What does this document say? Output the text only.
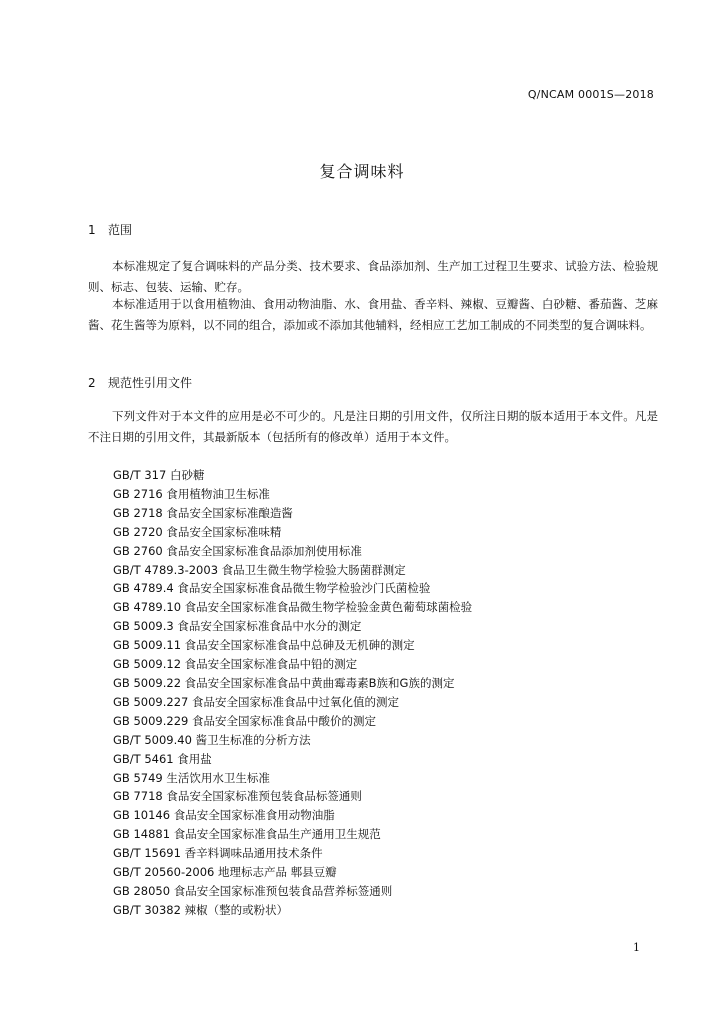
Q/NCAM 0001S—2018
复合调味料
1 范围
本标准规定了复合调味料的产品分类、技术要求、食品添加剂、生产加工过程卫生要求、试验方法、检验规则、标志、包装、运输、贮存。
本标准适用于以食用植物油、食用动物油脂、水、食用盐、香辛料、辣椒、豆瓣酱、白砂糖、番茄酱、芝麻酱、花生酱等为原料，以不同的组合，添加或不添加其他辅料，经相应工艺加工制成的不同类型的复合调味料。
2 规范性引用文件
下列文件对于本文件的应用是必不可少的。凡是注日期的引用文件，仅所注日期的版本适用于本文件。凡是不注日期的引用文件，其最新版本（包括所有的修改单）适用于本文件。
GB/T 317 白砂糖
GB 2716 食用植物油卫生标准
GB 2718 食品安全国家标准酿造酱
GB 2720 食品安全国家标准味精
GB 2760 食品安全国家标准食品添加剂使用标准
GB/T 4789.3-2003 食品卫生微生物学检验大肠菌群测定
GB 4789.4 食品安全国家标准食品微生物学检验沙门氏菌检验
GB 4789.10 食品安全国家标准食品微生物学检验金黄色葡萄球菌检验
GB 5009.3 食品安全国家标准食品中水分的测定
GB 5009.11 食品安全国家标准食品中总砷及无机砷的测定
GB 5009.12 食品安全国家标准食品中铅的测定
GB 5009.22 食品安全国家标准食品中黄曲霉毒素B族和G族的测定
GB 5009.227 食品安全国家标准食品中过氧化值的测定
GB 5009.229 食品安全国家标准食品中酸价的测定
GB/T 5009.40 酱卫生标准的分析方法
GB/T 5461 食用盐
GB 5749 生活饮用水卫生标准
GB 7718 食品安全国家标准预包装食品标签通则
GB 10146 食品安全国家标准食用动物油脂
GB 14881 食品安全国家标准食品生产通用卫生规范
GB/T 15691 香辛料调味品通用技术条件
GB/T 20560-2006 地理标志产品 郫县豆瓣
GB 28050 食品安全国家标准预包装食品营养标签通则
GB/T 30382 辣椒（整的或粉状）
1
